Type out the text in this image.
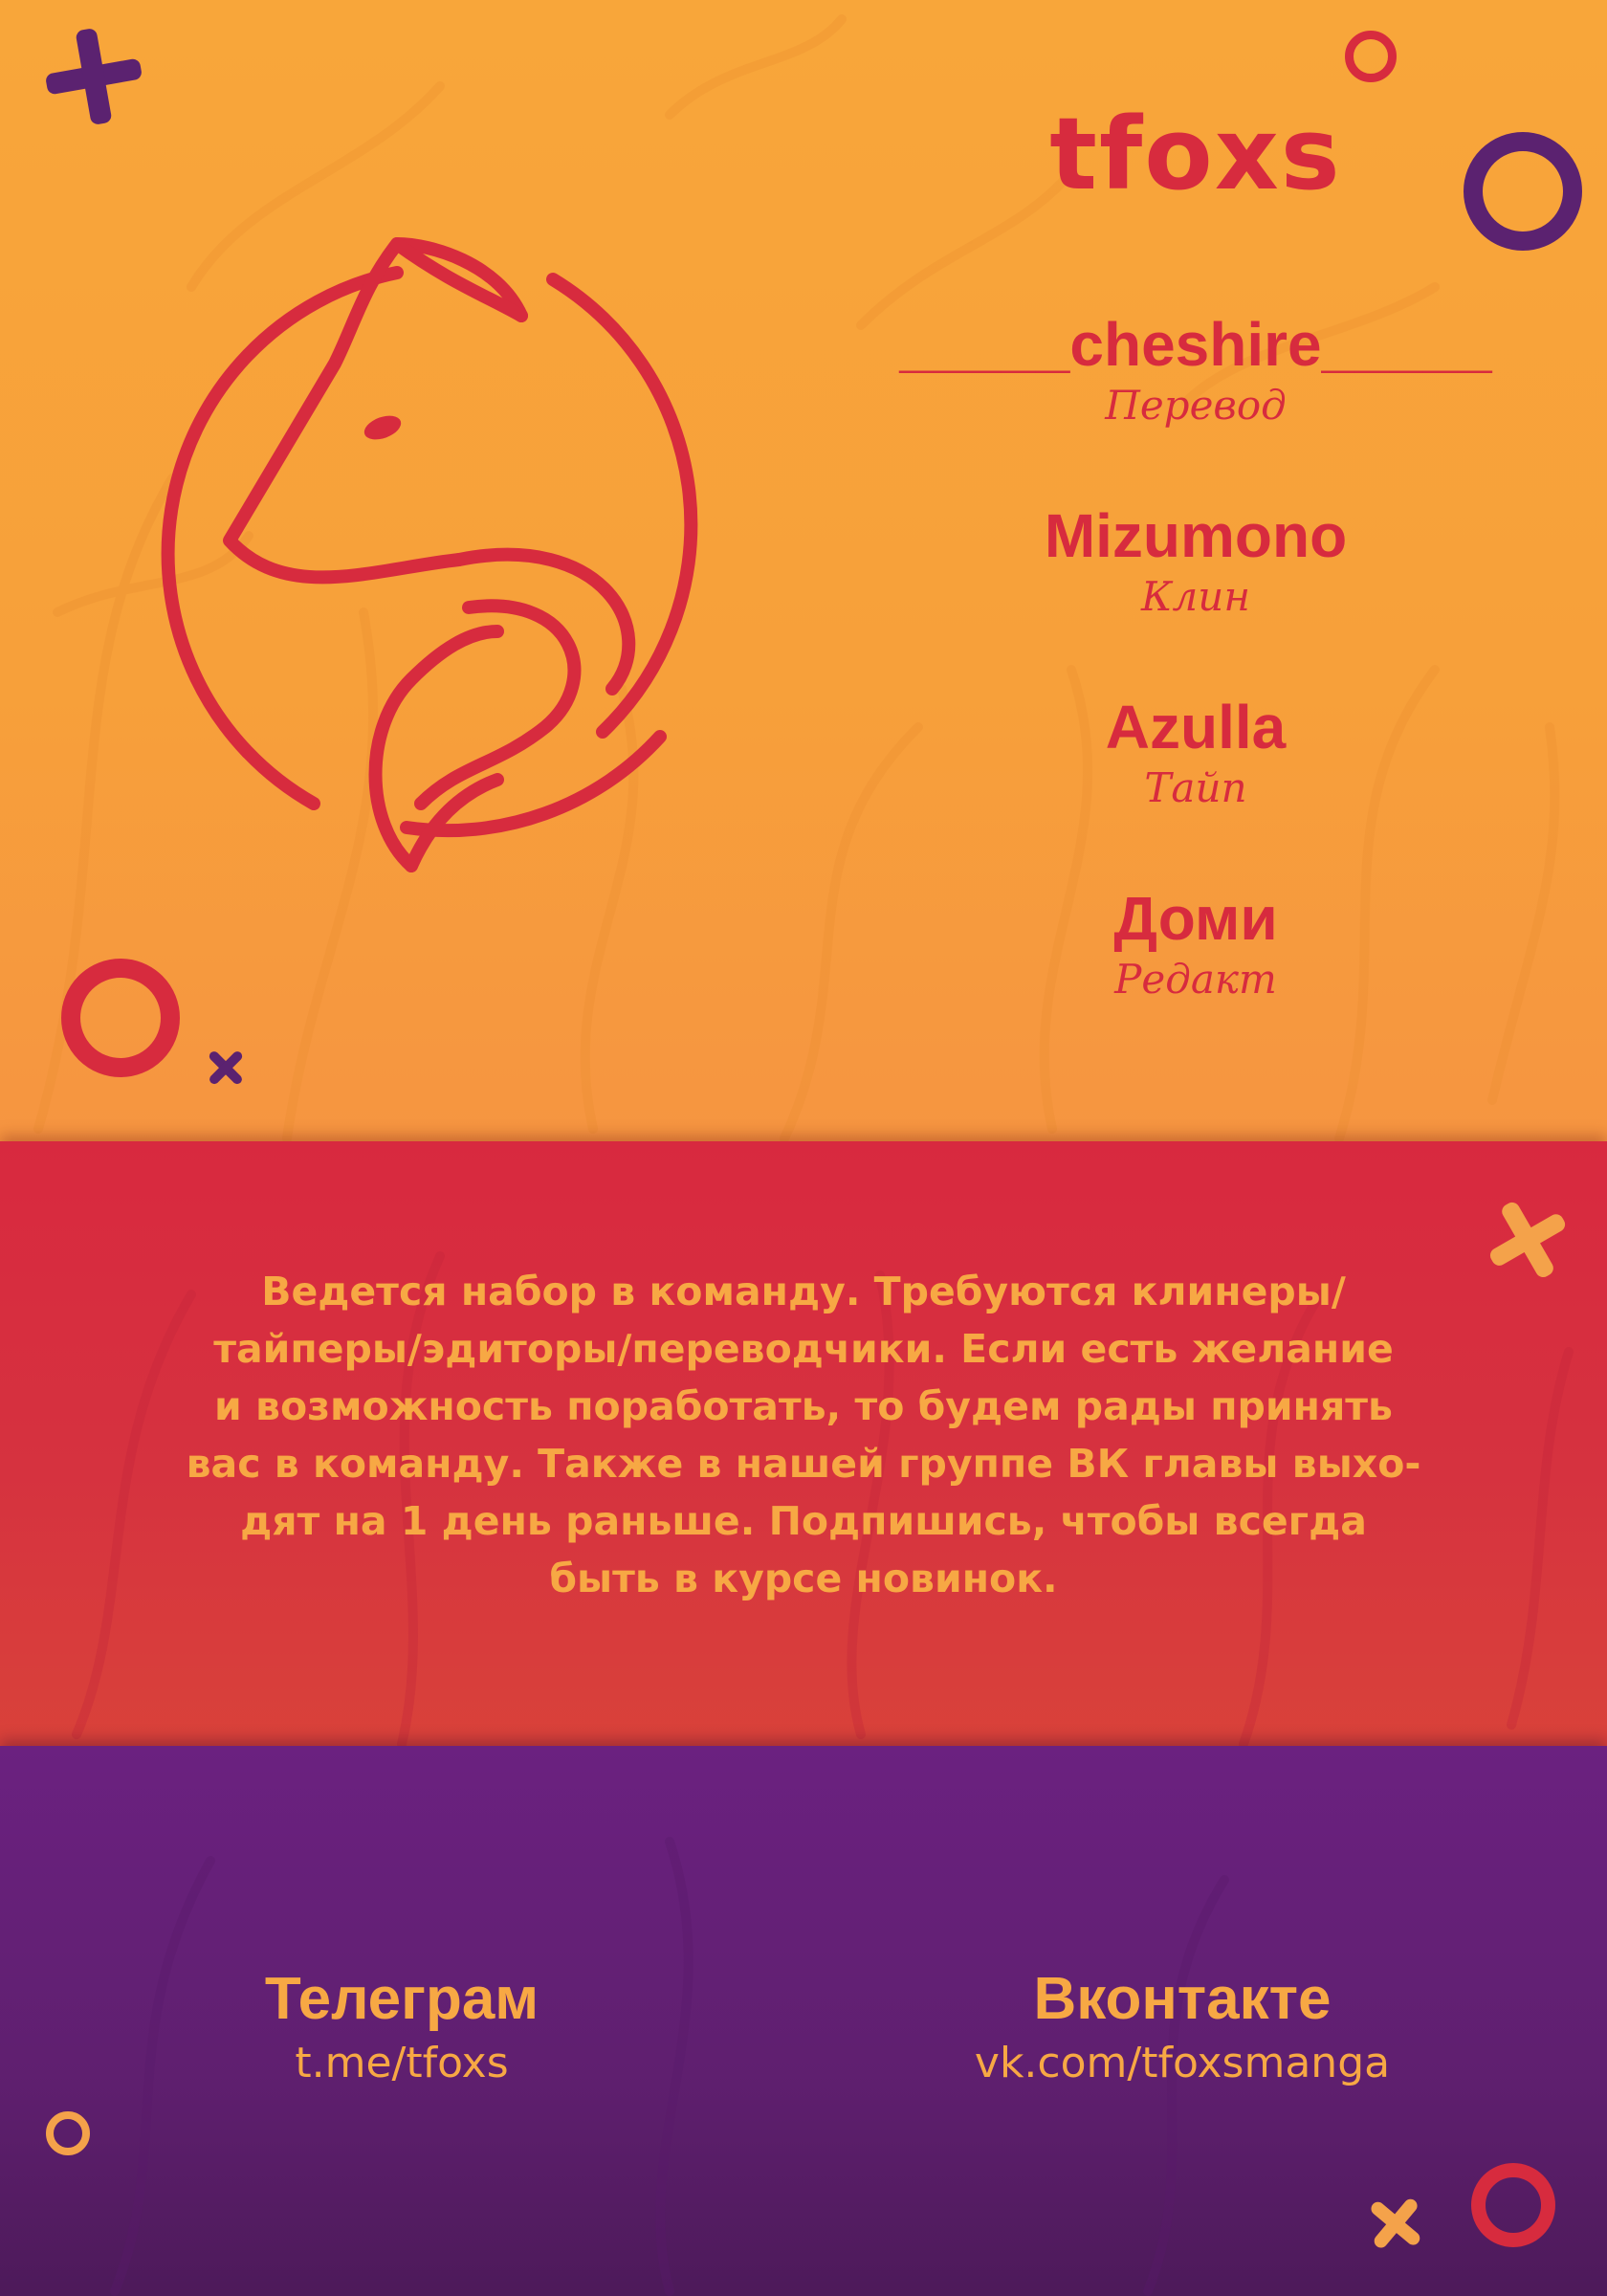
tfoxs
_____cheshire_____
Перевод
Mizumono
Клин
Azulla
Тайп
Доми
Редакт
Ведется набор в команду. Требуются клинеры/
тайперы/эдиторы/переводчики. Если есть желание
и возможность поработать, то будем рады принять
вас в команду. Также в нашей группе ВК главы выхо-
дят на 1 день раньше. Подпишись, чтобы всегда
быть в курсе новинок.
Телеграм
t.me/tfoxs
Вконтакте
vk.com/tfoxsmanga
